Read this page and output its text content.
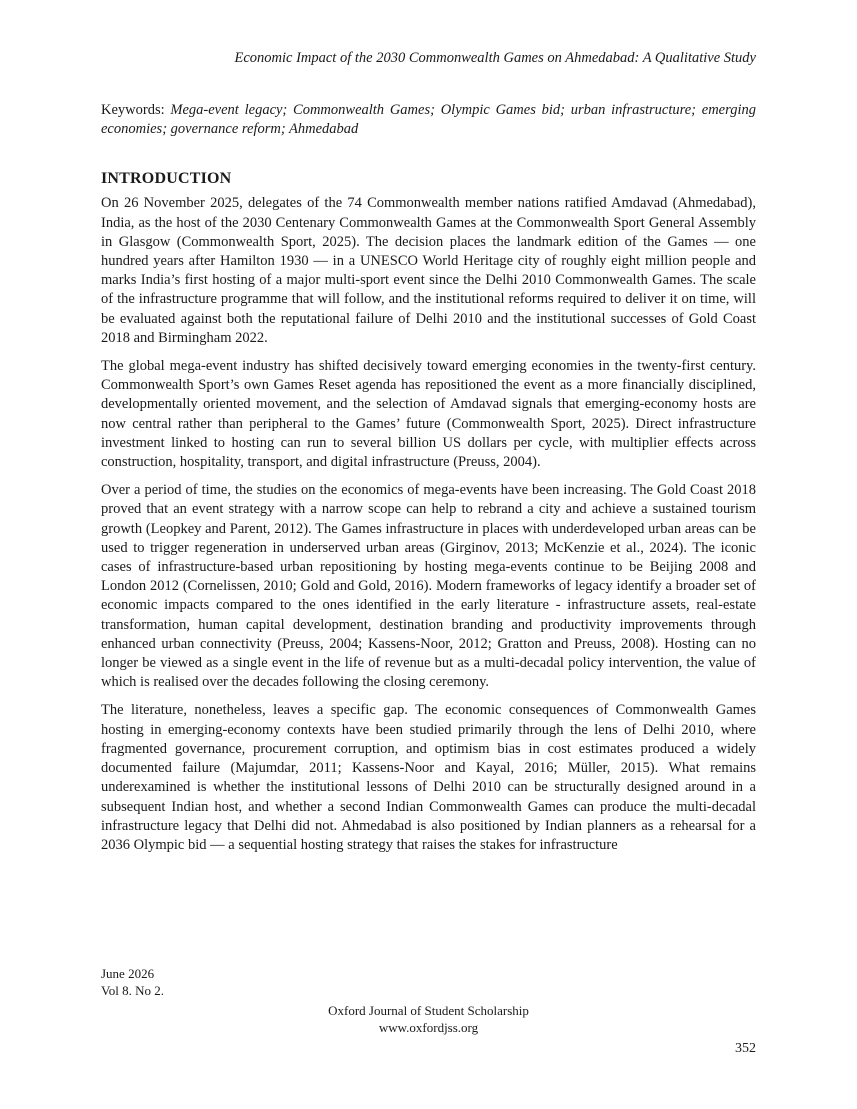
Economic Impact of the 2030 Commonwealth Games on Ahmedabad: A Qualitative Study

Keywords: Mega-event legacy; Commonwealth Games; Olympic Games bid; urban infrastructure; emerging economies; governance reform; Ahmedabad

INTRODUCTION

On 26 November 2025, delegates of the 74 Commonwealth member nations ratified Amdavad (Ahmedabad), India, as the host of the 2030 Centenary Commonwealth Games at the Commonwealth Sport General Assembly in Glasgow (Commonwealth Sport, 2025). The decision places the landmark edition of the Games — one hundred years after Hamilton 1930 — in a UNESCO World Heritage city of roughly eight million people and marks India’s first hosting of a major multi-sport event since the Delhi 2010 Commonwealth Games. The scale of the infrastructure programme that will follow, and the institutional reforms required to deliver it on time, will be evaluated against both the reputational failure of Delhi 2010 and the institutional successes of Gold Coast 2018 and Birmingham 2022.

The global mega-event industry has shifted decisively toward emerging economies in the twenty-first century. Commonwealth Sport’s own Games Reset agenda has repositioned the event as a more financially disciplined, developmentally oriented movement, and the selection of Amdavad signals that emerging-economy hosts are now central rather than peripheral to the Games’ future (Commonwealth Sport, 2025). Direct infrastructure investment linked to hosting can run to several billion US dollars per cycle, with multiplier effects across construction, hospitality, transport, and digital infrastructure (Preuss, 2004).

Over a period of time, the studies on the economics of mega-events have been increasing. The Gold Coast 2018 proved that an event strategy with a narrow scope can help to rebrand a city and achieve a sustained tourism growth (Leopkey and Parent, 2012). The Games infrastructure in places with underdeveloped urban areas can be used to trigger regeneration in underserved urban areas (Girginov, 2013; McKenzie et al., 2024). The iconic cases of infrastructure-based urban repositioning by hosting mega-events continue to be Beijing 2008 and London 2012 (Cornelissen, 2010; Gold and Gold, 2016). Modern frameworks of legacy identify a broader set of economic impacts compared to the ones identified in the early literature - infrastructure assets, real-estate transformation, human capital development, destination branding and productivity improvements through enhanced urban connectivity (Preuss, 2004; Kassens-Noor, 2012; Gratton and Preuss, 2008). Hosting can no longer be viewed as a single event in the life of revenue but as a multi-decadal policy intervention, the value of which is realised over the decades following the closing ceremony.

The literature, nonetheless, leaves a specific gap. The economic consequences of Commonwealth Games hosting in emerging-economy contexts have been studied primarily through the lens of Delhi 2010, where fragmented governance, procurement corruption, and optimism bias in cost estimates produced a widely documented failure (Majumdar, 2011; Kassens-Noor and Kayal, 2016; Müller, 2015). What remains underexamined is whether the institutional lessons of Delhi 2010 can be structurally designed around in a subsequent Indian host, and whether a second Indian Commonwealth Games can produce the multi-decadal infrastructure legacy that Delhi did not. Ahmedabad is also positioned by Indian planners as a rehearsal for a 2036 Olympic bid — a sequential hosting strategy that raises the stakes for infrastructure

June 2026
Vol 8. No 2.
Oxford Journal of Student Scholarship
www.oxfordjss.org
352
